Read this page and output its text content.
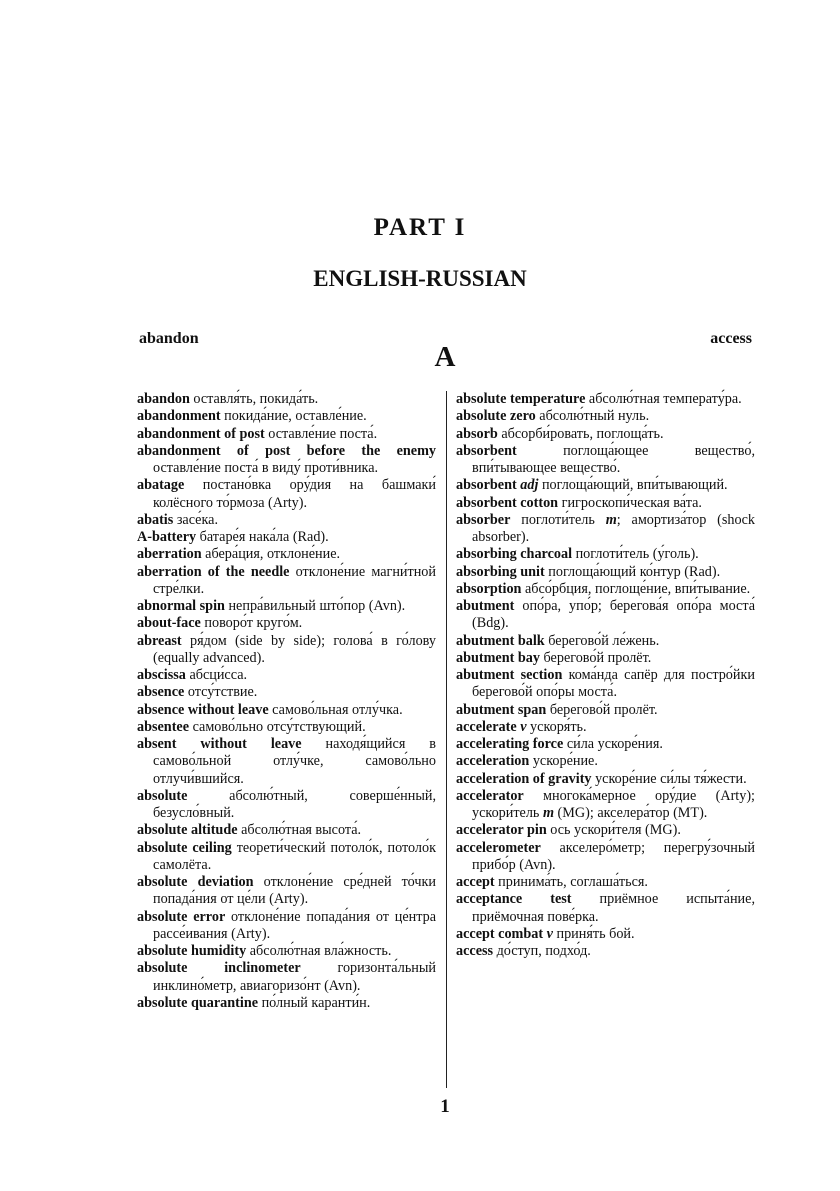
PART I
ENGLISH-RUSSIAN
abandon	access
A
abandon оставля́ть, покида́ть.
abandonment покида́ние, оставле́ние.
abandonment of post оставле́ние поста́.
abandonment of post before the enemy оставле́ние поста́ в виду́ проти́вника.
abatage постано́вка ору́дия на башмаки́ колёсного то́рмоза (Arty).
abatis засе́ка.
A-battery батаре́я нака́ла (Rad).
aberration абера́ция, отклоне́ние.
aberration of the needle отклоне́ние магни́тной стре́лки.
abnormal spin непра́вильный што́пор (Avn).
about-face поворо́т круго́м.
abreast ря́дом (side by side); голова́ в го́лову (equally advanced).
abscissa абсци́сса.
absence отсу́тствие.
absence without leave самово́льная отлу́чка.
absentee самово́льно отсу́тствующий.
absent without leave находя́щийся в самово́льной отлу́чке, самово́льно отлучи́вшийся.
absolute	абсолю́тный, соверше́нный, безусло́вный.
absolute altitude абсолю́тная высота́.
absolute ceiling теорети́ческий потоло́к, потоло́к самолёта.
absolute deviation отклоне́ние сре́дней то́чки попада́ния от це́ли (Arty).
absolute error отклоне́ние попада́ния от це́нтра рассе́ивания (Arty).
absolute humidity абсолю́тная вла́жность.
absolute inclinometer	горизонта́льный инклино́метр, авиагоризо́нт (Avn).
absolute quarantine по́лный каранти́н.
absolute temperature абсолю́тная температу́ра.
absolute zero абсолю́тный нуль.
absorb абсорби́ровать, поглоща́ть.
absorbent	поглоща́ющее вещество́, впи́тывающее вещество́.
absorbent adj поглоща́ющий, впи́тывающий.
absorbent cotton гигроскопи́ческая ва́та.
absorber поглоти́тель m; амортиза́тор (shock absorber).
absorbing charcoal поглоти́тель (у́голь).
absorbing unit поглоща́ющий ко́нтур (Rad).
absorption абсо́рбция, поглоще́ние, впи́тывание.
abutment опо́ра, упо́р; берегова́я опо́ра моста́ (Bdg).
abutment balk берегово́й ле́жень.
abutment bay берегово́й пролёт.
abutment section кома́нда сапёр для постро́йки берегово́й опо́ры моста́.
abutment span берегово́й пролёт.
accelerate v ускоря́ть.
accelerating force си́ла ускоре́ния.
acceleration ускоре́ние.
acceleration of gravity ускоре́ние си́лы тя́жести.
accelerator многока́мерное ору́дие (Arty); ускори́тель m (MG); акселера́тор (MT).
accelerator pin ось ускори́теля (MG).
accelerometer акселеро́метр; перегру́зочный прибо́р (Avn).
accept принима́ть, соглаша́ться.
acceptance test приёмное испыта́ние, приёмочная пове́рка.
accept combat v приня́ть бой.
access до́ступ, подхо́д.
1
